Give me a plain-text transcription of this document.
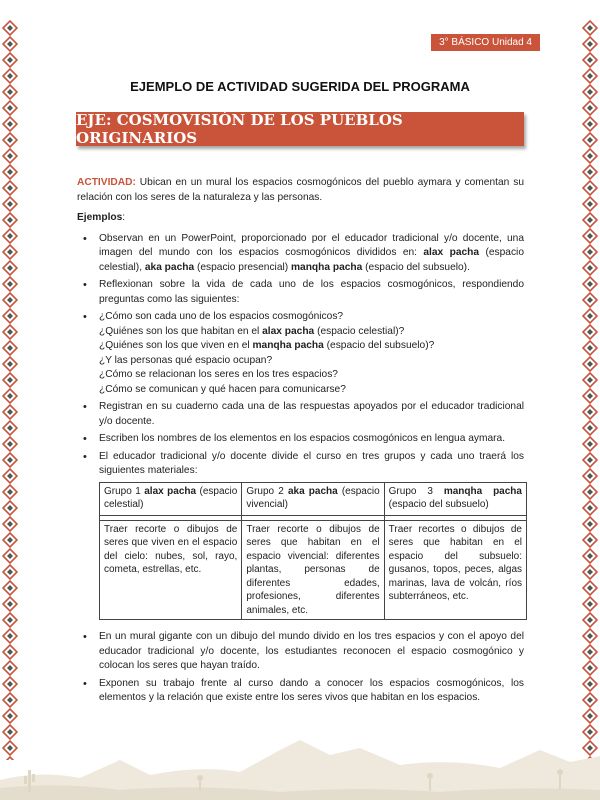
3° BÁSICO Unidad 4
EJEMPLO DE ACTIVIDAD SUGERIDA DEL PROGRAMA
EJE: COSMOVISIÓN DE LOS PUEBLOS ORIGINARIOS

ACTIVIDAD: Ubican en un mural los espacios cosmogónicos del pueblo aymara y comentan su relación con los seres de la naturaleza y las personas.

Ejemplos:

• Observan en un PowerPoint, proporcionado por el educador tradicional y/o docente, una imagen del mundo con los espacios cosmogónicos divididos en: alax pacha (espacio celestial), aka pacha (espacio presencial) manqha pacha (espacio del subsuelo).
• Reflexionan sobre la vida de cada uno de los espacios cosmogónicos, respondiendo preguntas como las siguientes:
• ¿Cómo son cada uno de los espacios cosmogónicos?
¿Quiénes son los que habitan en el alax pacha (espacio celestial)?
¿Quiénes son los que viven en el manqha pacha (espacio del subsuelo)?
¿Y las personas qué espacio ocupan?
¿Cómo se relacionan los seres en los tres espacios?
¿Cómo se comunican y qué hacen para comunicarse?
• Registran en su cuaderno cada una de las respuestas apoyados por el educador tradicional y/o docente.
• Escriben los nombres de los elementos en los espacios cosmogónicos en lengua aymara.
• El educador tradicional y/o docente divide el curso en tres grupos y cada uno traerá los siguientes materiales:
Grupo 1 alax pacha (espacio celestial)	Grupo 2 aka pacha (espacio vivencial)	Grupo 3 manqha pacha (espacio del subsuelo)

Traer recorte o dibujos de seres que viven en el espacio del cielo: nubes, sol, rayo, cometa, estrellas, etc.	Traer recorte o dibujos de seres que habitan en el espacio vivencial: diferentes plantas, personas de diferentes edades, profesiones, diferentes animales, etc.	Traer recortes o dibujos de seres que habitan en el espacio del subsuelo: gusanos, topos, peces, algas marinas, lava de volcán, ríos subterráneos, etc.
• En un mural gigante con un dibujo del mundo divido en los tres espacios y con el apoyo del educador tradicional y/o docente, los estudiantes reconocen el espacio cosmogónico y colocan los seres que hayan traído.
• Exponen su trabajo frente al curso dando a conocer los espacios cosmogónicos, los elementos y la relación que existe entre los seres vivos que habitan en los espacios.
